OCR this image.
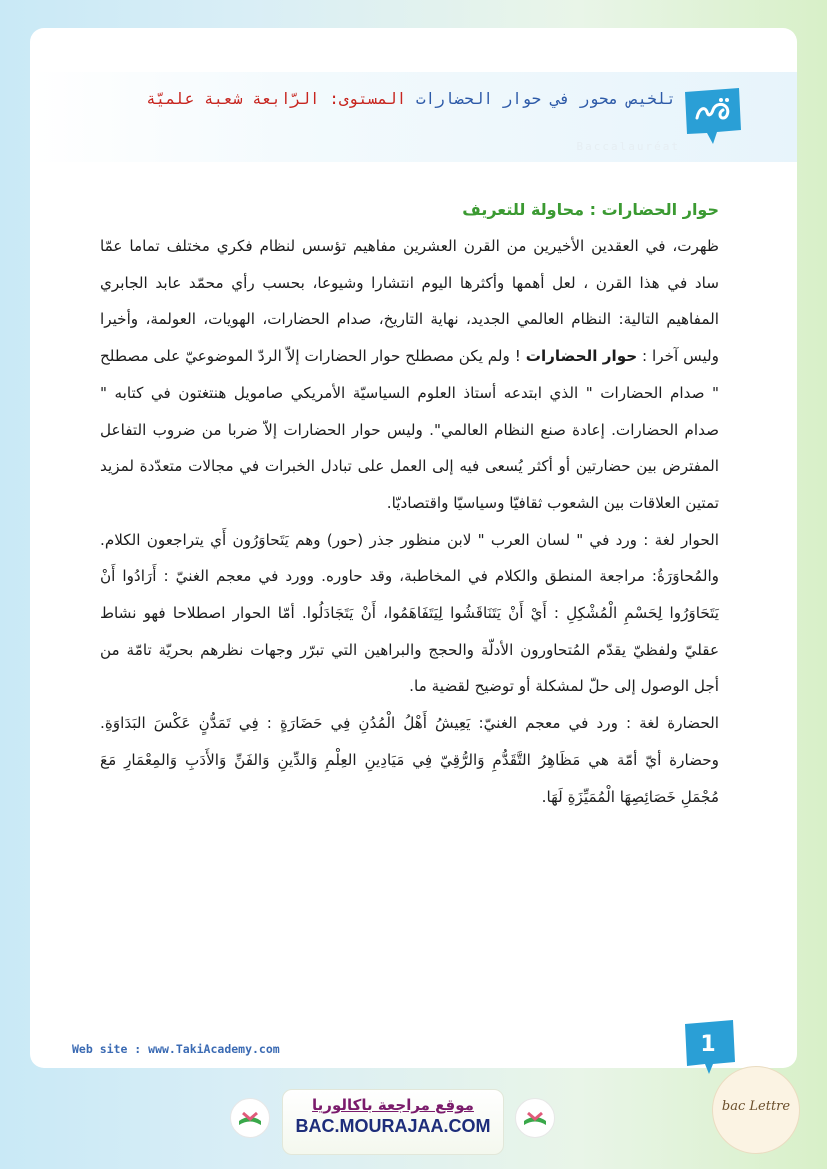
تلخيص محور في حوار الحضارات المستوى: الرّابعة شعبة علميّة
Baccalauréat
حوار الحضارات : محاولة للتعريف

ظهرت، في العقدين الأخيرين من القرن العشرين مفاهيم تؤسس لنظام فكري مختلف تماما عمّا ساد في هذا القرن ، لعل أهمها وأكثرها اليوم انتشارا وشيوعا، بحسب رأي محمّد عابد الجابري المفاهيم التالية: النظام العالمي الجديد، نهاية التاريخ، صدام الحضارات، الهويات، العولمة، وأخيرا وليس آخرا : حوار الحضارات ! ولم يكن مصطلح حوار الحضارات إلاّ الردّ الموضوعيّ على مصطلح " صدام الحضارات " الذي ابتدعه أستاذ العلوم السياسيّة الأمريكي صامويل هنتغتون في كتابه " صدام الحضارات. إعادة صنع النظام العالمي". وليس حوار الحضارات إلاّ ضربا من ضروب التفاعل المفترض بين حضارتين أو أكثر يُسعى فيه إلى العمل على تبادل الخبرات في مجالات متعدّدة لمزيد تمتين العلاقات بين الشعوب ثقافيّا وسياسيّا واقتصاديّا.

الحوار لغة : ورد في " لسان العرب " لابن منظور جذر (حور) وهم يَتَحاوَرُون أَي يتراجعون الكلام. والمُحاوَرَةُ: مراجعة المنطق والكلام في المخاطبة، وقد حاوره. وورد في معجم الغنيّ : أَرَادُوا أَنْ يَتَحَاوَرُوا لِحَسْمِ الْمُشْكِلِ : أَيْ أَنْ يَتَنَاقَشُوا لِيَتَفَاهَمُوا، أَنْ يَتَجَادَلُوا. أمّا الحوار اصطلاحا فهو نشاط عقليّ ولفظيّ يقدّم المُتحاورون الأدلّة والحجج والبراهين التي تبرّر وجهات نظرهم بحريّة تامّة من أجل الوصول إلى حلّ لمشكلة أو توضيح لقضية ما.

الحضارة لغة : ورد في معجم الغنيّ: يَعِيشُ أَهْلُ الْمُدُنِ فِي حَضَارَةٍ : فِي تَمَدُّنٍ عَكْسَ البَدَاوَةِ. وحضارة أيّ أمّة هي مَظَاهِرُ التَّقَدُّمِ وَالرُّقِيّ فِي مَيَادِينِ العِلْمِ وَالدِّينِ وَالفَنِّ وَالأَدَبِ وَالمِعْمَارِ مَعَ مُجْمَلِ خَصَائِصِهَا الْمُمَيِّزَةِ لَهَا.

Web site : www.TakiAcademy.com	1
bac Lettre
موقع مراجعة باكالوريا
BAC.MOURAJAA.COM
